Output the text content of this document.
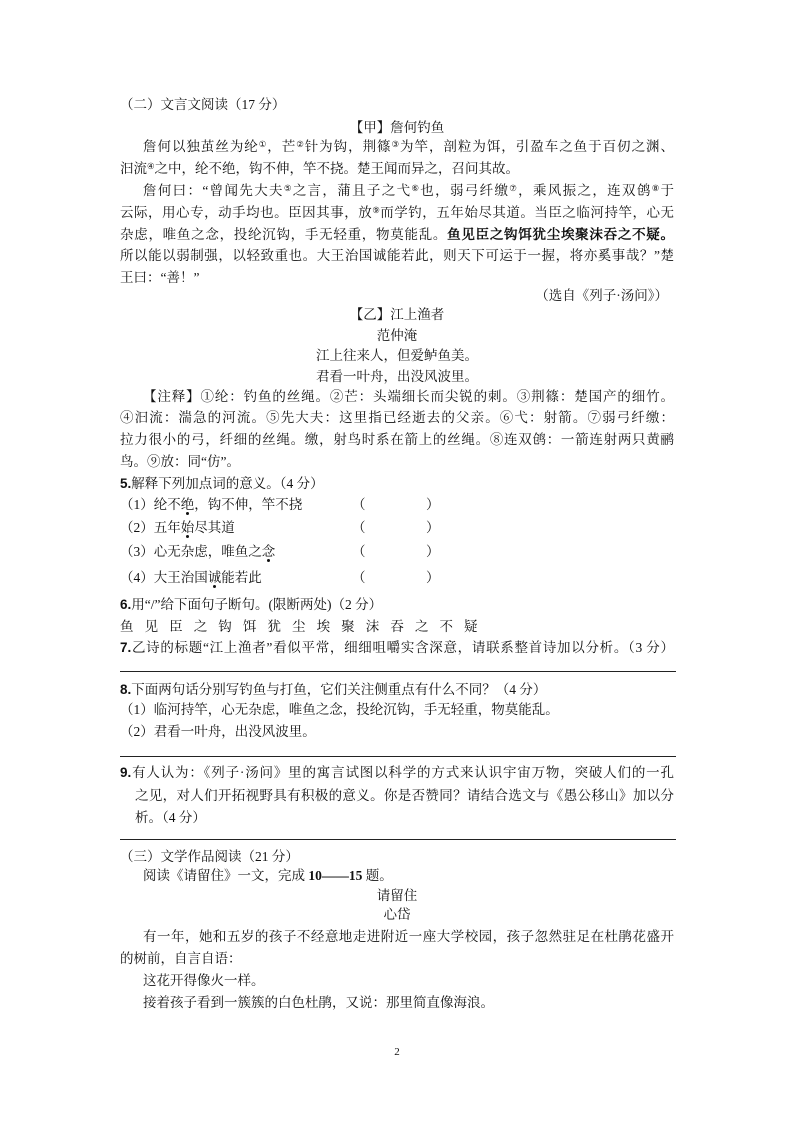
（二）文言文阅读（17 分）
【甲】詹何钓鱼
詹何以独茧丝为纶①，芒②针为钩，荆篠③为竿，剖粒为饵，引盈车之鱼于百仞之渊、
汩流④之中，纶不绝，钩不伸，竿不挠。楚王闻而异之，召问其故。
詹何曰：“曾闻先大夫⑤之言，蒲且子之弋⑥也，弱弓纤缴⑦，乘风振之，连双鸧⑧于
云际，用心专，动手均也。臣因其事，放⑨而学钓，五年始尽其道。当臣之临河持竿，心无
杂虑，唯鱼之念，投纶沉钩，手无轻重，物莫能乱。鱼见臣之钩饵犹尘埃聚沫吞之不疑。
所以能以弱制强，以轻致重也。大王治国诚能若此，则天下可运于一握，将亦奚事哉？”楚
王曰：“善！”
（选自《列子·汤问》）
【乙】江上渔者
范仲淹
江上往来人，但爱鲈鱼美。
君看一叶舟，出没风波里。
【注释】①纶：钓鱼的丝绳。②芒：头端细长而尖锐的刺。③荆篠：楚国产的细竹。
④汩流：湍急的河流。⑤先大夫：这里指已经逝去的父亲。⑥弋：射箭。⑦弱弓纤缴：
拉力很小的弓，纤细的丝绳。缴，射鸟时系在箭上的丝绳。⑧连双鸧：一箭连射两只黄鹂
鸟。⑨放：同“仿”。
5.解释下列加点词的意义。（4 分）
（1）纶不绝，钩不伸，竿不挠	（	）
（2）五年始尽其道	（	）
（3）心无杂虑，唯鱼之念	（	）
（4）大王治国诚能若此	（	）
6.用“/”给下面句子断句。(限断两处)（2 分）
鱼 见 臣 之 钩 饵 犹 尘 埃 聚 沫 吞 之 不 疑
7.乙诗的标题“江上渔者”看似平常，细细咀嚼实含深意，请联系整首诗加以分析。（3 分）
8.下面两句话分别写钓鱼与打鱼，它们关注侧重点有什么不同？（4 分）
（1）临河持竿，心无杂虑，唯鱼之念，投纶沉钩，手无轻重，物莫能乱。
（2）君看一叶舟，出没风波里。
9.有人认为：《列子·汤问》里的寓言试图以科学的方式来认识宇宙万物，突破人们的一孔
之见，对人们开拓视野具有积极的意义。你是否赞同？请结合选文与《愚公移山》加以分
析。（4 分）
（三）文学作品阅读（21 分）
阅读《请留住》一文，完成 10——15 题。
请留住
心岱
有一年，她和五岁的孩子不经意地走进附近一座大学校园，孩子忽然驻足在杜鹃花盛开
的树前，自言自语：
这花开得像火一样。
接着孩子看到一簇簇的白色杜鹃，又说：那里简直像海浪。
2
